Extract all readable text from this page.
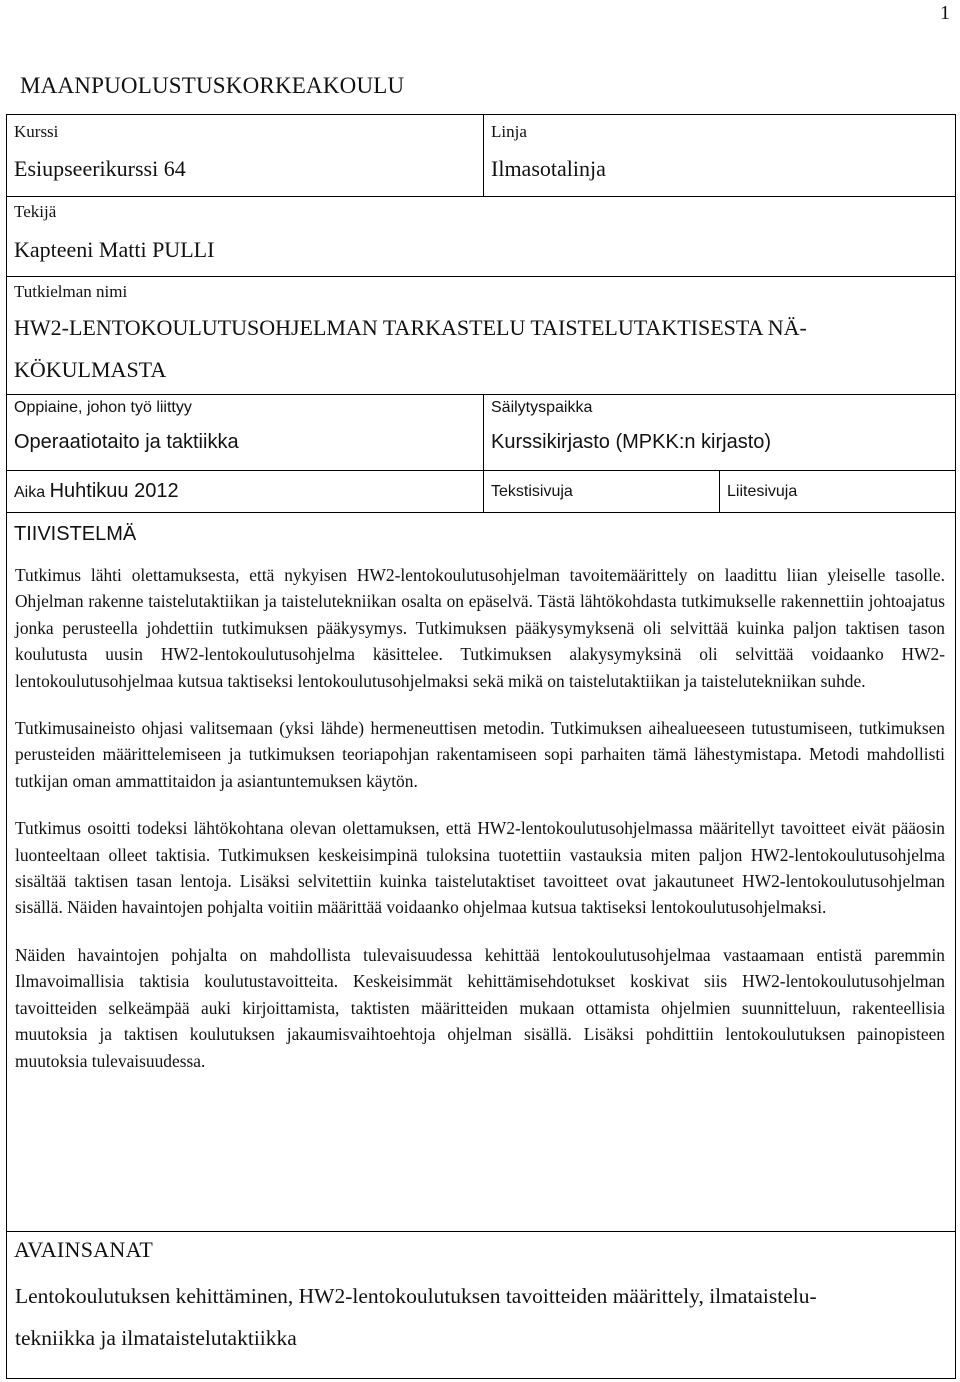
1
MAANPUOLUSTUSKORKEAKOULU
Kurssi
Esiupseerikurssi 64
Linja
Ilmasotalinja
Tekijä
Kapteeni Matti PULLI
Tutkielman nimi
HW2-LENTOKOULUTUSOHJELMAN TARKASTELU TAISTELUTAKTISESTA NÄ-
KÖKULMASTA
Oppiaine, johon työ liittyy
Operaatiotaito ja taktiikka
Säilytyspaikka
Kurssikirjasto (MPKK:n kirjasto)
Aika Huhtikuu 2012	Tekstisivuja	Liitesivuja
TIIVISTELMÄ

Tutkimus lähti olettamuksesta, että nykyisen HW2-lentokoulutusohjelman tavoitemäärittely on laadittu liian yleiselle tasolle. Ohjelman rakenne taistelutaktiikan ja taistelutekniikan osalta on epäselvä. Tästä lähtökohdasta tutkimukselle rakennettiin johtoajatus jonka perusteella johdettiin tutkimuksen pääkysymys. Tutkimuksen pääkysymyksenä oli selvittää kuinka paljon taktisen tason koulutusta uusin HW2-lentokoulutusohjelma käsittelee. Tutkimuksen alakysymyksinä oli selvittää voidaanko HW2-lentokoulutusohjelmaa kutsua taktiseksi lentokoulutusohjelmaksi sekä mikä on taistelutaktiikan ja taistelutekniikan suhde.

Tutkimusaineisto ohjasi valitsemaan (yksi lähde) hermeneuttisen metodin. Tutkimuksen aihealueeseen tutustumiseen, tutkimuksen perusteiden määrittelemiseen ja tutkimuksen teoriapohjan rakentamiseen sopi parhaiten tämä lähestymistapa. Metodi mahdollisti tutkijan oman ammattitaidon ja asiantuntemuksen käytön.

Tutkimus osoitti todeksi lähtökohtana olevan olettamuksen, että HW2-lentokoulutusohjelmassa määritellyt tavoitteet eivät pääosin luonteeltaan olleet taktisia. Tutkimuksen keskeisimpinä tuloksina tuotettiin vastauksia miten paljon HW2-lentokoulutusohjelma sisältää taktisen tasan lentoja. Lisäksi selvitettiin kuinka taistelutaktiset tavoitteet ovat jakautuneet HW2-lentokoulutusohjelman sisällä. Näiden havaintojen pohjalta voitiin määrittää voidaanko ohjelmaa kutsua taktiseksi lentokoulutusohjelmaksi.

Näiden havaintojen pohjalta on mahdollista tulevaisuudessa kehittää lentokoulutusohjelmaa vastaamaan entistä paremmin Ilmavoimallisia taktisia koulutustavoitteita. Keskeisimmät kehittämisehdotukset koskivat siis HW2-lentokoulutusohjelman tavoitteiden selkeämpää auki kirjoittamista, taktisten määritteiden mukaan ottamista ohjelmien suunnitteluun, rakenteellisia muutoksia ja taktisen koulutuksen jakaumisvaihtoehtoja ohjelman sisällä. Lisäksi pohdittiin lentokoulutuksen painopisteen muutoksia tulevaisuudessa.

AVAINSANAT
Lentokoulutuksen kehittäminen, HW2-lentokoulutuksen tavoitteiden määrittely, ilmataistelu-
tekniikka ja ilmataistelutaktiikka
